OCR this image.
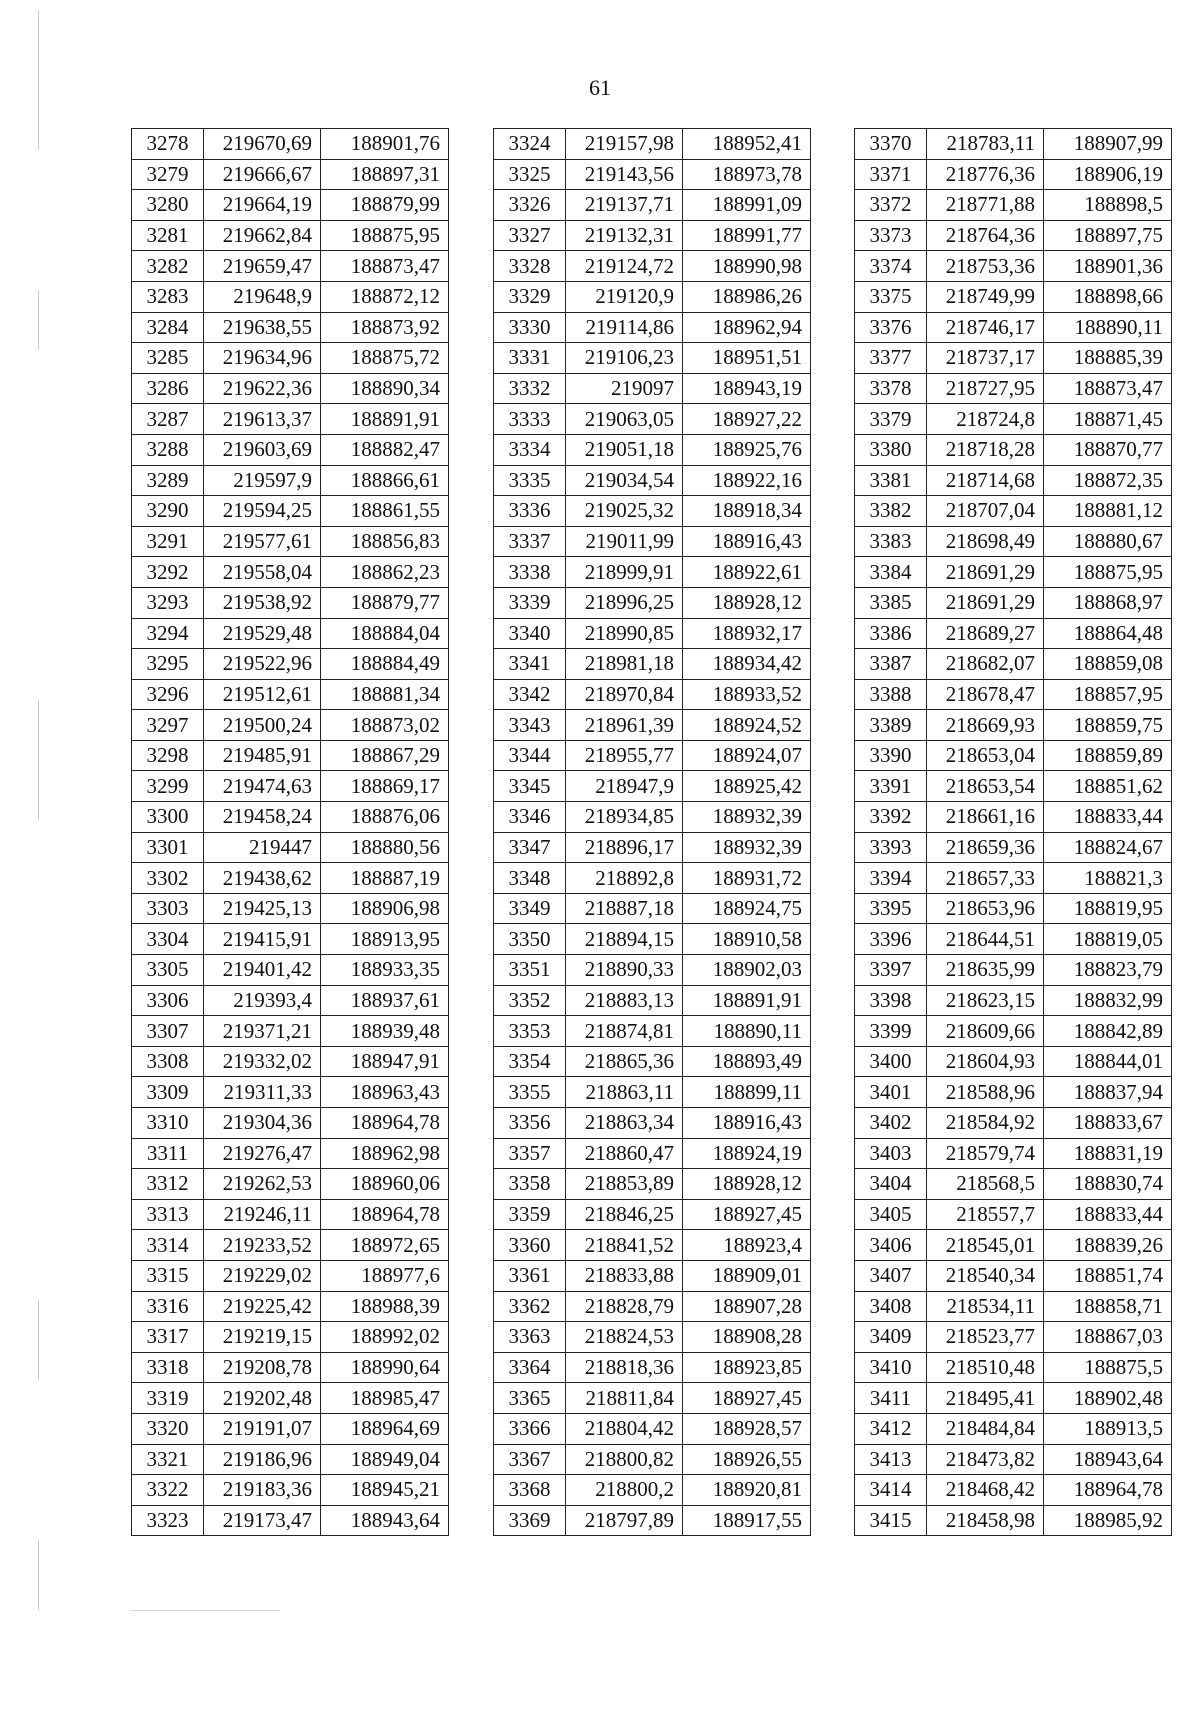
61
3278	219670,69	188901,76
3279	219666,67	188897,31
3280	219664,19	188879,99
3281	219662,84	188875,95
3282	219659,47	188873,47
3283	219648,9	188872,12
3284	219638,55	188873,92
3285	219634,96	188875,72
3286	219622,36	188890,34
3287	219613,37	188891,91
3288	219603,69	188882,47
3289	219597,9	188866,61
3290	219594,25	188861,55
3291	219577,61	188856,83
3292	219558,04	188862,23
3293	219538,92	188879,77
3294	219529,48	188884,04
3295	219522,96	188884,49
3296	219512,61	188881,34
3297	219500,24	188873,02
3298	219485,91	188867,29
3299	219474,63	188869,17
3300	219458,24	188876,06
3301	219447	188880,56
3302	219438,62	188887,19
3303	219425,13	188906,98
3304	219415,91	188913,95
3305	219401,42	188933,35
3306	219393,4	188937,61
3307	219371,21	188939,48
3308	219332,02	188947,91
3309	219311,33	188963,43
3310	219304,36	188964,78
3311	219276,47	188962,98
3312	219262,53	188960,06
3313	219246,11	188964,78
3314	219233,52	188972,65
3315	219229,02	188977,6
3316	219225,42	188988,39
3317	219219,15	188992,02
3318	219208,78	188990,64
3319	219202,48	188985,47
3320	219191,07	188964,69
3321	219186,96	188949,04
3322	219183,36	188945,21
3323	219173,47	188943,64
3324	219157,98	188952,41
3325	219143,56	188973,78
3326	219137,71	188991,09
3327	219132,31	188991,77
3328	219124,72	188990,98
3329	219120,9	188986,26
3330	219114,86	188962,94
3331	219106,23	188951,51
3332	219097	188943,19
3333	219063,05	188927,22
3334	219051,18	188925,76
3335	219034,54	188922,16
3336	219025,32	188918,34
3337	219011,99	188916,43
3338	218999,91	188922,61
3339	218996,25	188928,12
3340	218990,85	188932,17
3341	218981,18	188934,42
3342	218970,84	188933,52
3343	218961,39	188924,52
3344	218955,77	188924,07
3345	218947,9	188925,42
3346	218934,85	188932,39
3347	218896,17	188932,39
3348	218892,8	188931,72
3349	218887,18	188924,75
3350	218894,15	188910,58
3351	218890,33	188902,03
3352	218883,13	188891,91
3353	218874,81	188890,11
3354	218865,36	188893,49
3355	218863,11	188899,11
3356	218863,34	188916,43
3357	218860,47	188924,19
3358	218853,89	188928,12
3359	218846,25	188927,45
3360	218841,52	188923,4
3361	218833,88	188909,01
3362	218828,79	188907,28
3363	218824,53	188908,28
3364	218818,36	188923,85
3365	218811,84	188927,45
3366	218804,42	188928,57
3367	218800,82	188926,55
3368	218800,2	188920,81
3369	218797,89	188917,55
3370	218783,11	188907,99
3371	218776,36	188906,19
3372	218771,88	188898,5
3373	218764,36	188897,75
3374	218753,36	188901,36
3375	218749,99	188898,66
3376	218746,17	188890,11
3377	218737,17	188885,39
3378	218727,95	188873,47
3379	218724,8	188871,45
3380	218718,28	188870,77
3381	218714,68	188872,35
3382	218707,04	188881,12
3383	218698,49	188880,67
3384	218691,29	188875,95
3385	218691,29	188868,97
3386	218689,27	188864,48
3387	218682,07	188859,08
3388	218678,47	188857,95
3389	218669,93	188859,75
3390	218653,04	188859,89
3391	218653,54	188851,62
3392	218661,16	188833,44
3393	218659,36	188824,67
3394	218657,33	188821,3
3395	218653,96	188819,95
3396	218644,51	188819,05
3397	218635,99	188823,79
3398	218623,15	188832,99
3399	218609,66	188842,89
3400	218604,93	188844,01
3401	218588,96	188837,94
3402	218584,92	188833,67
3403	218579,74	188831,19
3404	218568,5	188830,74
3405	218557,7	188833,44
3406	218545,01	188839,26
3407	218540,34	188851,74
3408	218534,11	188858,71
3409	218523,77	188867,03
3410	218510,48	188875,5
3411	218495,41	188902,48
3412	218484,84	188913,5
3413	218473,82	188943,64
3414	218468,42	188964,78
3415	218458,98	188985,92
